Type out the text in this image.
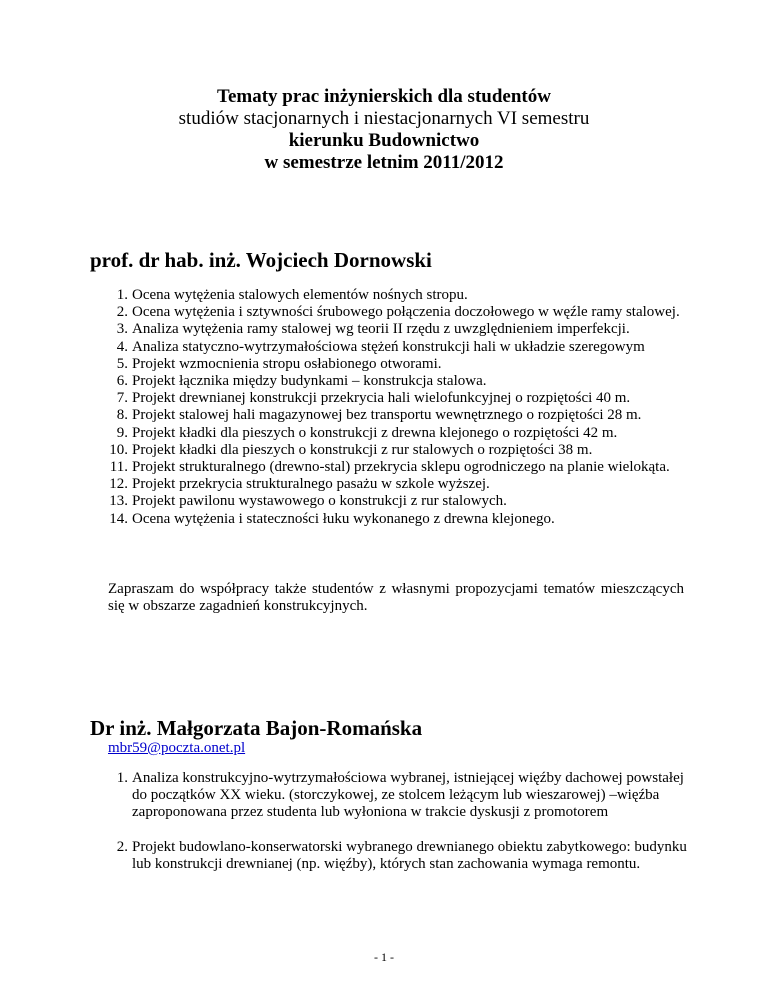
Tematy prac inżynierskich dla studentów
studiów stacjonarnych i niestacjonarnych VI semestru
kierunku Budownictwo
w semestrze letnim 2011/2012
prof. dr hab. inż. Wojciech Dornowski
1. Ocena wytężenia stalowych elementów nośnych stropu.
2. Ocena wytężenia i sztywności śrubowego połączenia doczołowego w węźle ramy stalowej.
3. Analiza wytężenia ramy stalowej wg teorii II rzędu z uwzględnieniem imperfekcji.
4. Analiza statyczno-wytrzymałościowa stężeń konstrukcji hali w układzie szeregowym
5. Projekt wzmocnienia stropu osłabionego otworami.
6. Projekt łącznika między budynkami – konstrukcja stalowa.
7. Projekt drewnianej konstrukcji przekrycia hali wielofunkcyjnej o rozpiętości 40 m.
8. Projekt stalowej hali magazynowej bez transportu wewnętrznego o rozpiętości 28 m.
9. Projekt kładki dla pieszych o konstrukcji z drewna klejonego o rozpiętości 42 m.
10. Projekt kładki dla pieszych o konstrukcji z rur stalowych o rozpiętości 38 m.
11. Projekt strukturalnego (drewno-stal) przekrycia sklepu ogrodniczego na planie wielokąta.
12. Projekt przekrycia strukturalnego pasażu w szkole wyższej.
13. Projekt pawilonu wystawowego o konstrukcji z rur stalowych.
14. Ocena wytężenia i stateczności łuku wykonanego z drewna klejonego.
Zapraszam do współpracy także studentów z własnymi propozycjami tematów mieszczących się w obszarze zagadnień konstrukcyjnych.
Dr inż. Małgorzata Bajon-Romańska
mbr59@poczta.onet.pl
1. Analiza konstrukcyjno-wytrzymałościowa wybranej, istniejącej więźby dachowej powstałej do początków XX wieku. (storczykowej, ze stolcem leżącym lub wieszarowej) –więźba zaproponowana przez studenta lub wyłoniona w trakcie dyskusji z promotorem
2. Projekt budowlano-konserwatorski wybranego drewnianego obiektu zabytkowego: budynku lub konstrukcji drewnianej (np. więźby), których stan zachowania wymaga remontu.
- 1 -
